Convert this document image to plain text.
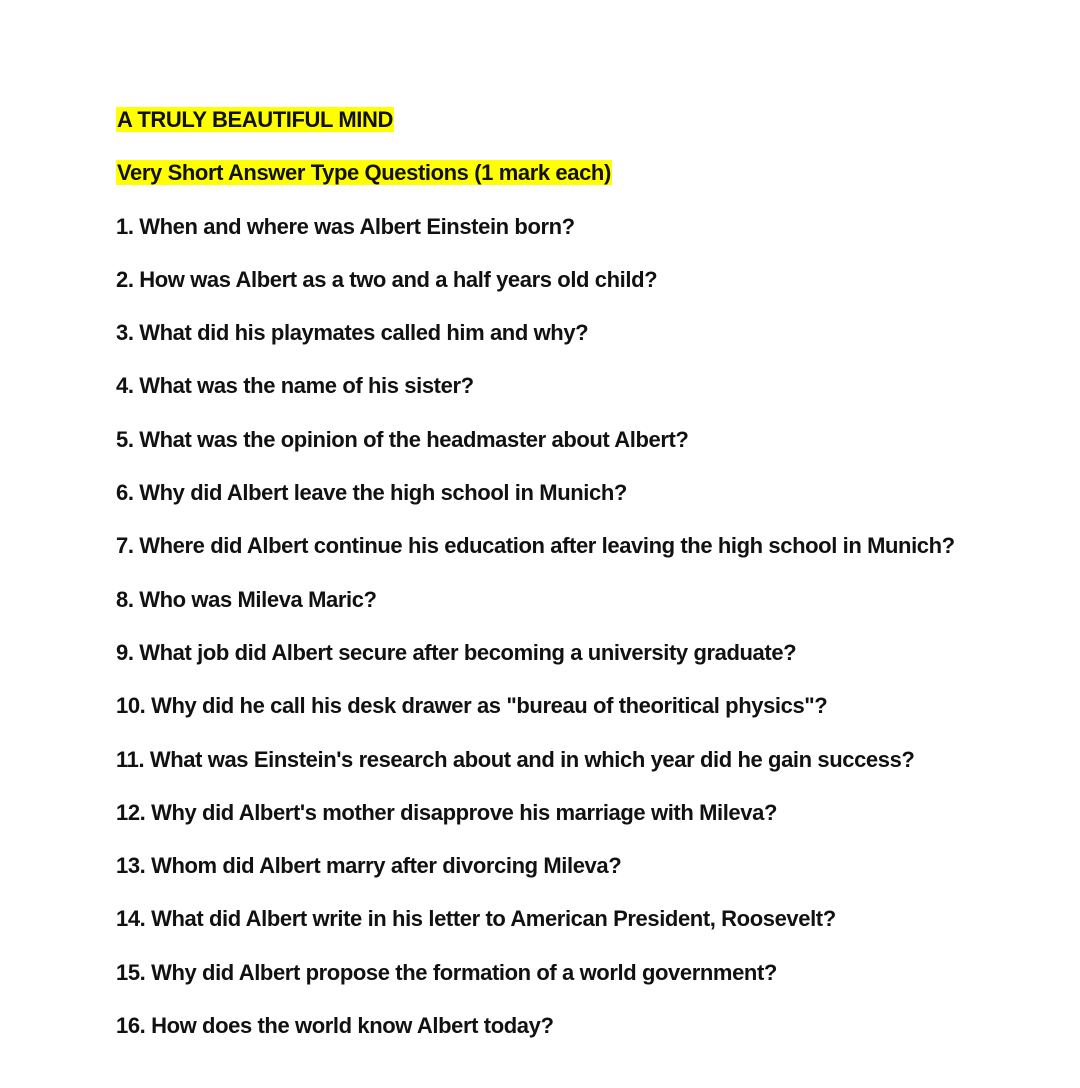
A TRULY BEAUTIFUL MIND
Very Short Answer Type Questions (1 mark each)
1. When and where was Albert Einstein born?
2. How was Albert as a two and a half years old child?
3. What did his playmates called him and why?
4. What was the name of his sister?
5. What was the opinion of the headmaster about Albert?
6. Why did Albert leave the high school in Munich?
7. Where did Albert continue his education after leaving the high school in Munich?
8. Who was Mileva Maric?
9. What job did Albert secure after becoming a university graduate?
10. Why did he call his desk drawer as "bureau of theoritical physics"?
11. What was Einstein's research about and in which year did he gain success?
12. Why did Albert's mother disapprove his marriage with Mileva?
13. Whom did Albert marry after divorcing Mileva?
14. What did Albert write in his letter to American President, Roosevelt?
15. Why did Albert propose the formation of a world government?
16. How does the world know Albert today?
